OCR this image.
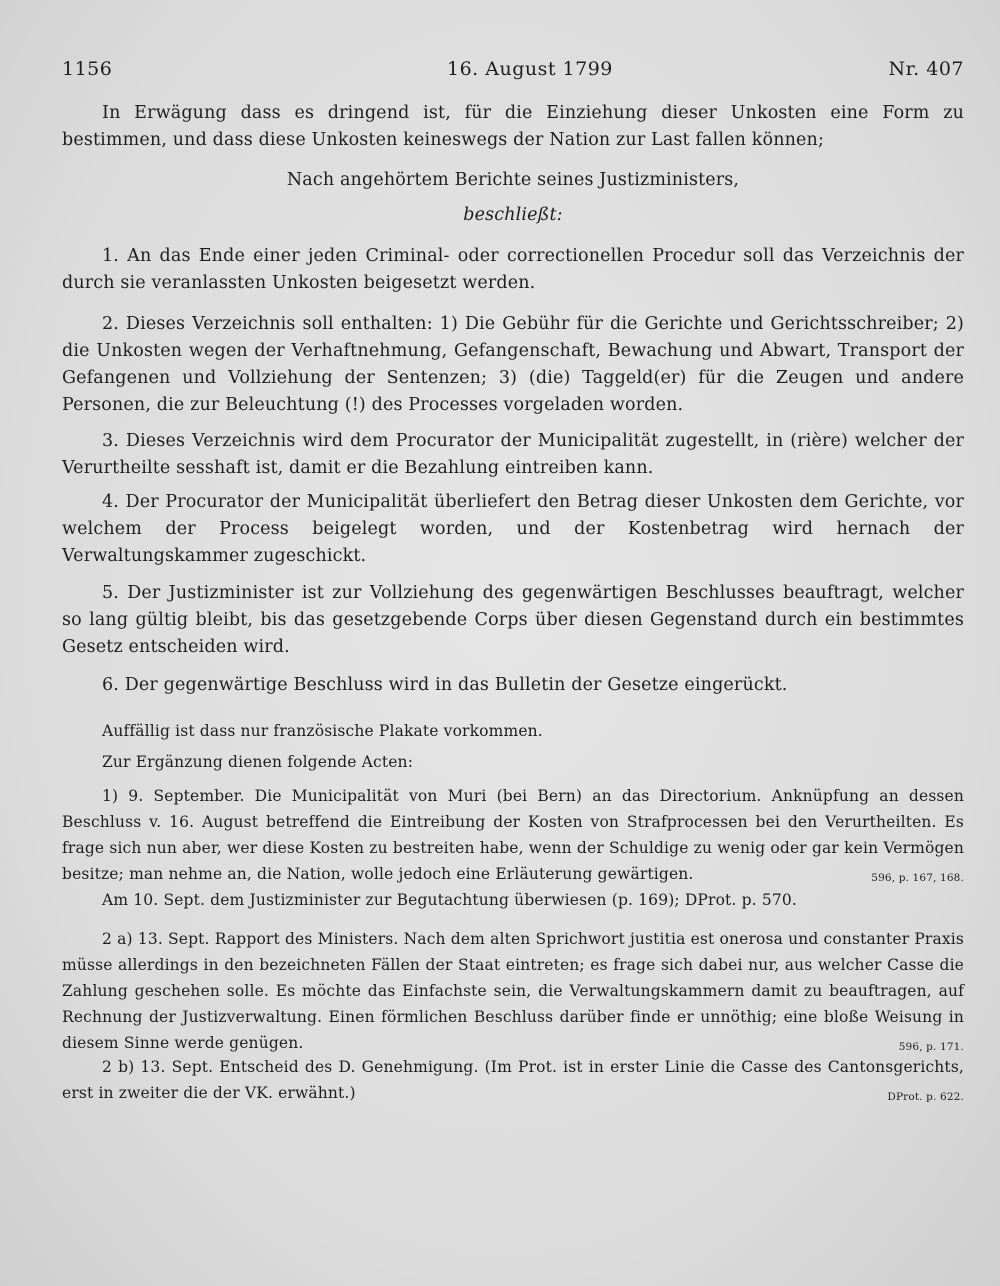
1156	16. August 1799	Nr. 407
In Erwägung dass es dringend ist, für die Einziehung dieser Unkosten eine Form zu bestimmen, und dass diese Unkosten keineswegs der Nation zur Last fallen können;
Nach angehörtem Berichte seines Justizministers,
beschließt:
1. An das Ende einer jeden Criminal- oder correctionellen Procedur soll das Verzeichnis der durch sie veranlassten Unkosten beigesetzt werden.
2. Dieses Verzeichnis soll enthalten: 1) Die Gebühr für die Gerichte und Gerichtsschreiber; 2) die Unkosten wegen der Verhaftnehmung, Gefangenschaft, Bewachung und Abwart, Transport der Gefangenen und Vollziehung der Sentenzen; 3) (die) Taggeld(er) für die Zeugen und andere Personen, die zur Beleuchtung (!) des Processes vorgeladen worden.
3. Dieses Verzeichnis wird dem Procurator der Municipalität zugestellt, in (rière) welcher der Verurtheilte sesshaft ist, damit er die Bezahlung eintreiben kann.
4. Der Procurator der Municipalität überliefert den Betrag dieser Unkosten dem Gerichte, vor welchem der Process beigelegt worden, und der Kostenbetrag wird hernach der Verwaltungskammer zugeschickt.
5. Der Justizminister ist zur Vollziehung des gegenwärtigen Beschlusses beauftragt, welcher so lang gültig bleibt, bis das gesetzgebende Corps über diesen Gegenstand durch ein bestimmtes Gesetz entscheiden wird.
6. Der gegenwärtige Beschluss wird in das Bulletin der Gesetze eingerückt.
Auffällig ist dass nur französische Plakate vorkommen.
Zur Ergänzung dienen folgende Acten:
1) 9. September. Die Municipalität von Muri (bei Bern) an das Directorium. Anknüpfung an dessen Beschluss v. 16. August betreffend die Eintreibung der Kosten von Strafprocessen bei den Verurtheilten. Es frage sich nun aber, wer diese Kosten zu bestreiten habe, wenn der Schuldige zu wenig oder gar kein Vermögen besitze; man nehme an, die Nation, wolle jedoch eine Erläuterung gewärtigen.	596, p. 167, 168.
Am 10. Sept. dem Justizminister zur Begutachtung überwiesen (p. 169); DProt. p. 570.
2 a) 13. Sept. Rapport des Ministers. Nach dem alten Sprichwort justitia est onerosa und constanter Praxis müsse allerdings in den bezeichneten Fällen der Staat eintreten; es frage sich dabei nur, aus welcher Casse die Zahlung geschehen solle. Es möchte das Einfachste sein, die Verwaltungskammern damit zu beauftragen, auf Rechnung der Justizverwaltung. Einen förmlichen Beschluss darüber finde er unnöthig; eine bloße Weisung in diesem Sinne werde genügen.	596, p. 171.
2 b) 13. Sept. Entscheid des D. Genehmigung. (Im Prot. ist in erster Linie die Casse des Cantonsgerichts, erst in zweiter die der VK. erwähnt.)	DProt. p. 622.
